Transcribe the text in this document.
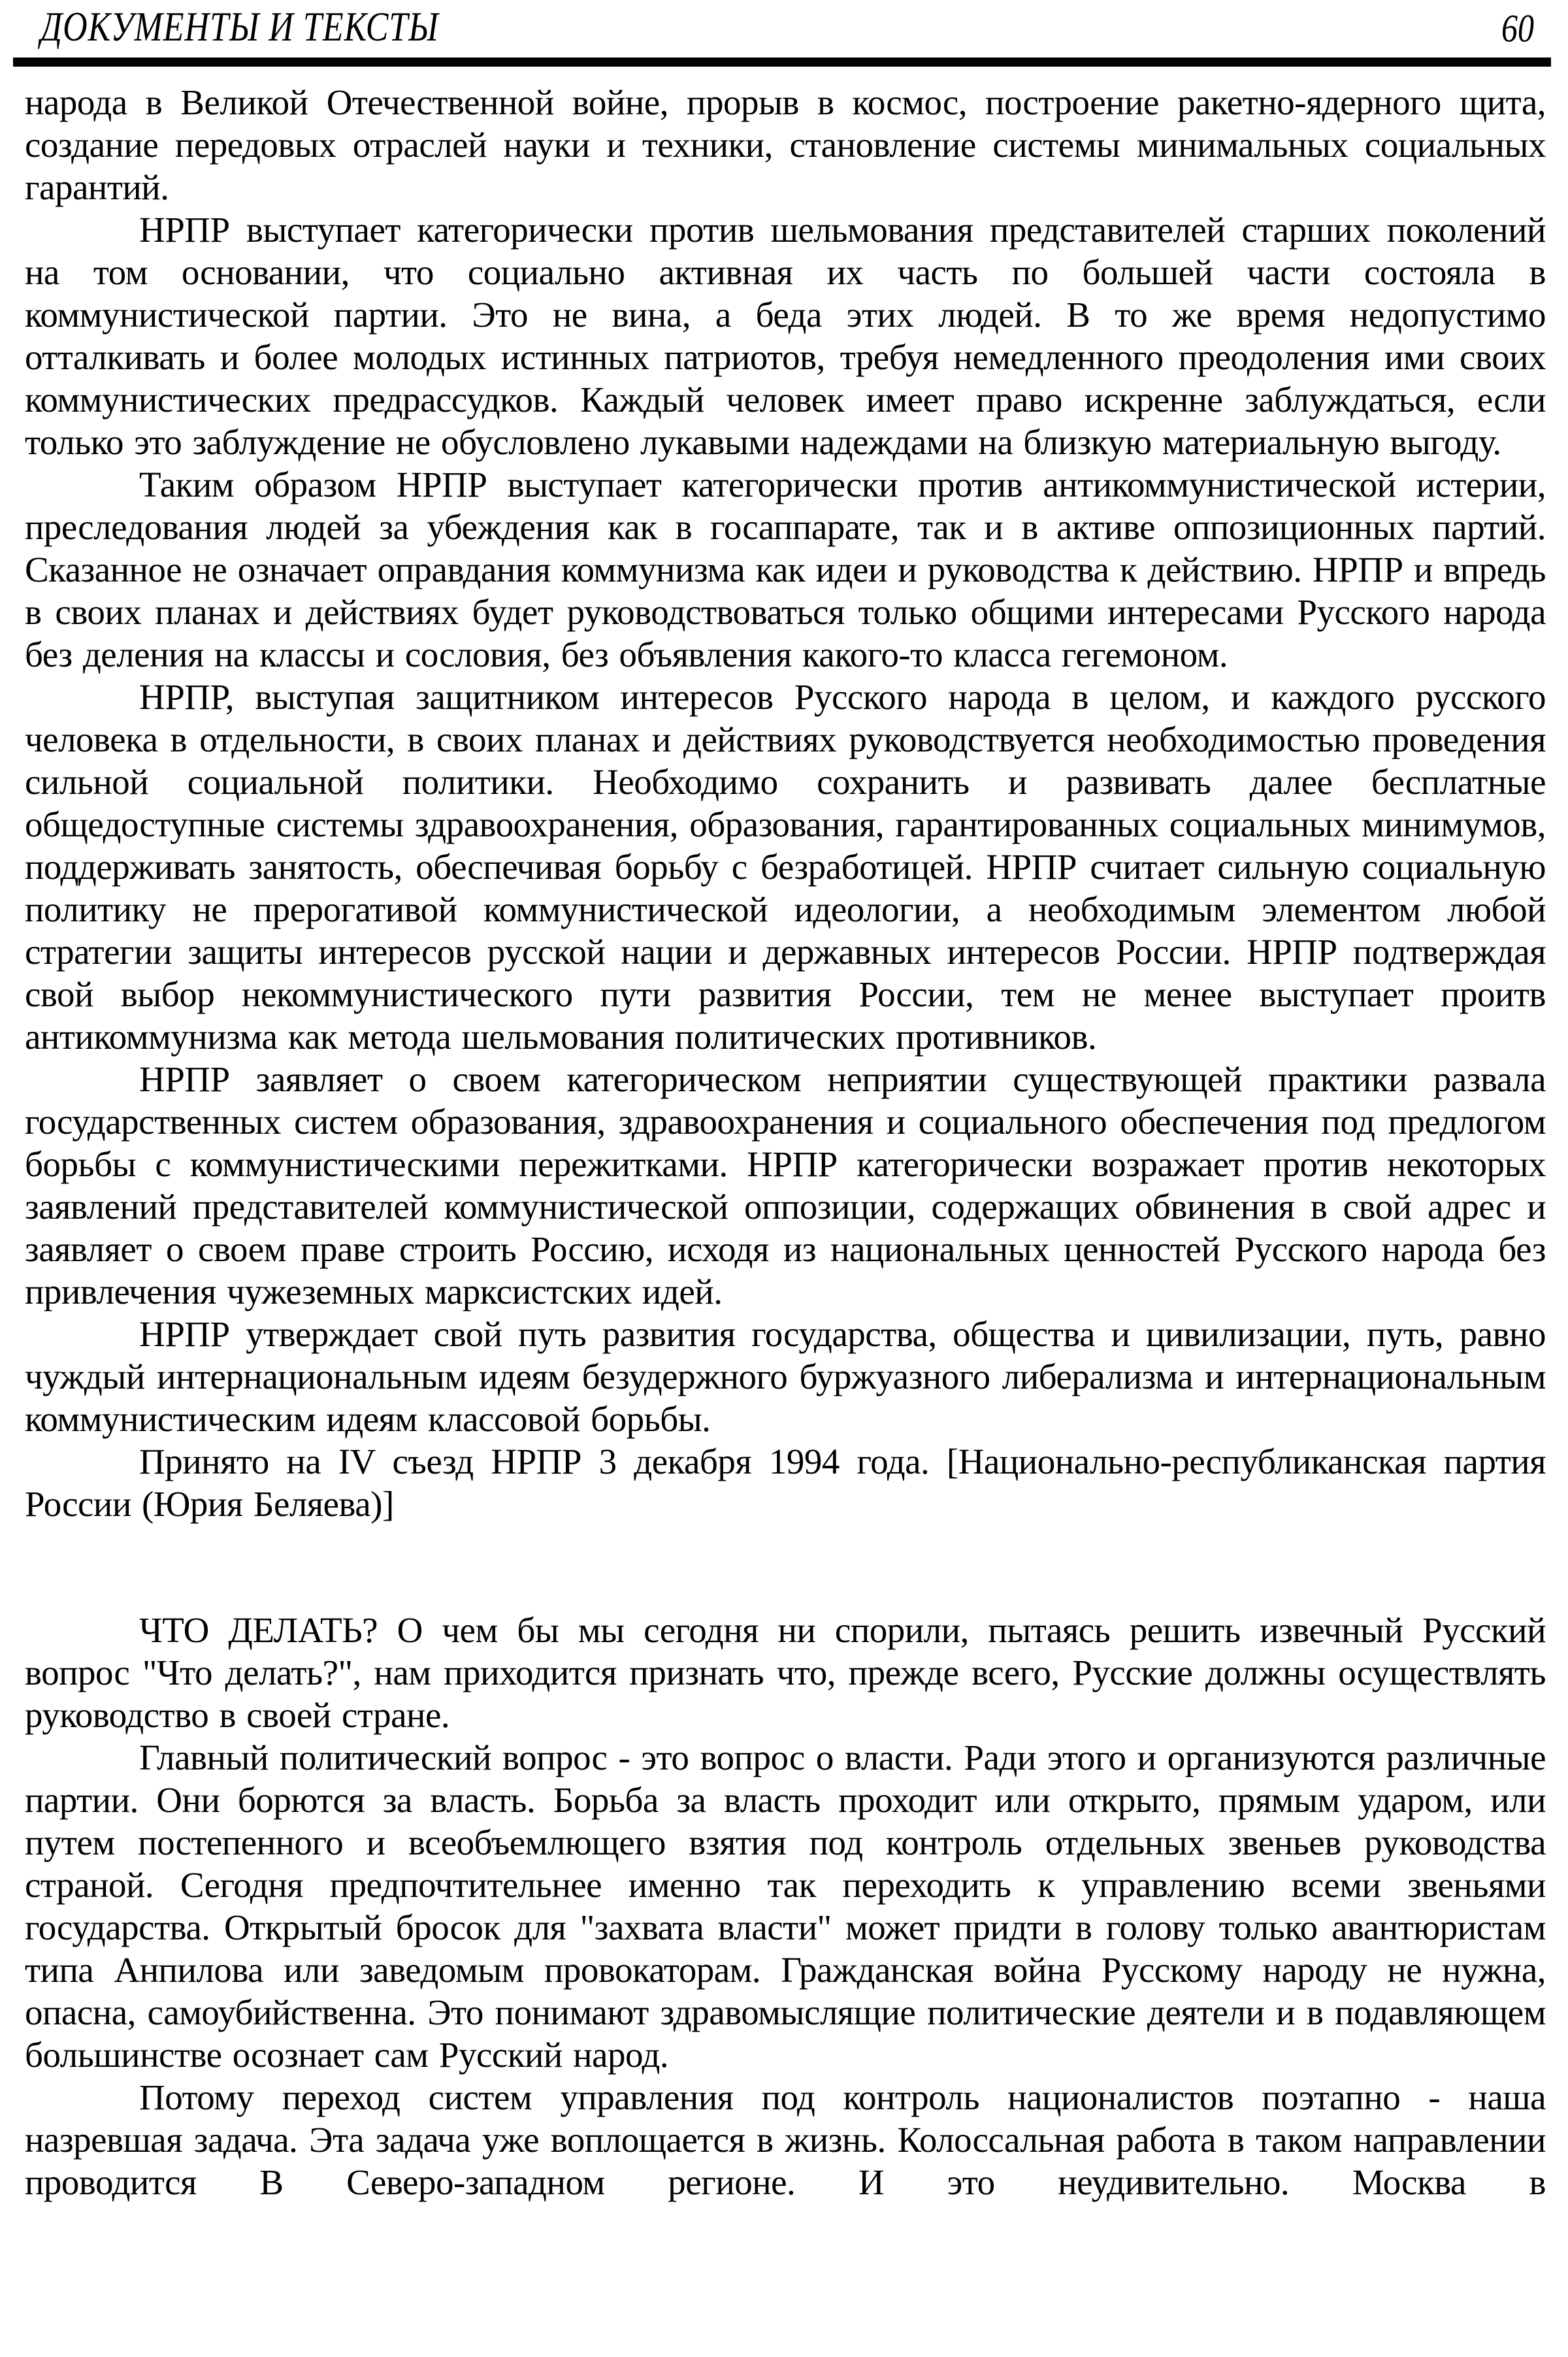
ДОКУМЕНТЫ И ТЕКСТЫ	60

народа в Великой Отечественной войне, прорыв в космос, построение ракетно-ядерного щита, создание передовых отраслей науки и техники, становление системы минимальных социальных гарантий.

НРПР выступает категорически против шельмования представителей старших поколений на том основании, что социально активная их часть по большей части состояла в коммунистической партии. Это не вина, а беда этих людей. В то же время недопустимо отталкивать и более молодых истинных патриотов, требуя немедленного преодоления ими своих коммунистических предрассудков. Каждый человек имеет право искренне заблуждаться, если только это заблуждение не обусловлено лукавыми надеждами на близкую материальную выгоду.

Таким образом НРПР выступает категорически против антикоммунистической истерии, преследования людей за убеждения как в госаппарате, так и в активе оппозиционных партий. Сказанное не означает оправдания коммунизма как идеи и руководства к действию. НРПР и впредь в своих планах и действиях будет руководствоваться только общими интересами Русского народа без деления на классы и сословия, без объявления какого-то класса гегемоном.

НРПР, выступая защитником интересов Русского народа в целом, и каждого русского человека в отдельности, в своих планах и действиях руководствуется необходимостью проведения сильной социальной политики. Необходимо сохранить и развивать далее бесплатные общедоступные системы здравоохранения, образования, гарантированных социальных минимумов, поддерживать занятость, обеспечивая борьбу с безработицей. НРПР считает сильную социальную политику не прерогативой коммунистической идеологии, а необходимым элементом любой стратегии защиты интересов русской нации и державных интересов России. НРПР подтверждая свой выбор некоммунистического пути развития России, тем не менее выступает проитв антикоммунизма как метода шельмования политических противников.

НРПР заявляет о своем категорическом неприятии существующей практики развала государственных систем образования, здравоохранения и социального обеспечения под предлогом борьбы с коммунистическими пережитками. НРПР категорически возражает против некоторых заявлений представителей коммунистической оппозиции, содержащих обвинения в свой адрес и заявляет о своем праве строить Россию, исходя из национальных ценностей Русского народа без привлечения чужеземных марксистских идей.

НРПР утверждает свой путь развития государства, общества и цивилизации, путь, равно чуждый интернациональным идеям безудержного буржуазного либерализма и интернациональным коммунистическим идеям классовой борьбы.

Принято на IV съезд НРПР 3 декабря 1994 года. [Национально-республиканская партия России (Юрия Беляева)]

ЧТО ДЕЛАТЬ? О чем бы мы сегодня ни спорили, пытаясь решить извечный Русский вопрос "Что делать?", нам приходится признать что, прежде всего, Русские должны осуществлять руководство в своей стране.

Главный политический вопрос - это вопрос о власти. Ради этого и организуются различные партии. Они борются за власть. Борьба за власть проходит или открыто, прямым ударом, или путем постепенного и всеобъемлющего взятия под контроль отдельных звеньев руководства страной. Сегодня предпочтительнее именно так переходить к управлению всеми звеньями государства. Открытый бросок для "захвата власти" может придти в голову только авантюристам типа Анпилова или заведомым провокаторам. Гражданская война Русскому народу не нужна, опасна, самоубийственна. Это понимают здравомыслящие политические деятели и в подавляющем большинстве осознает сам Русский народ.

Потому переход систем управления под контроль националистов поэтапно - наша назревшая задача. Эта задача уже воплощается в жизнь. Колоссальная работа в таком направлении проводится В Северо-западном регионе. И это неудивительно. Москва в
